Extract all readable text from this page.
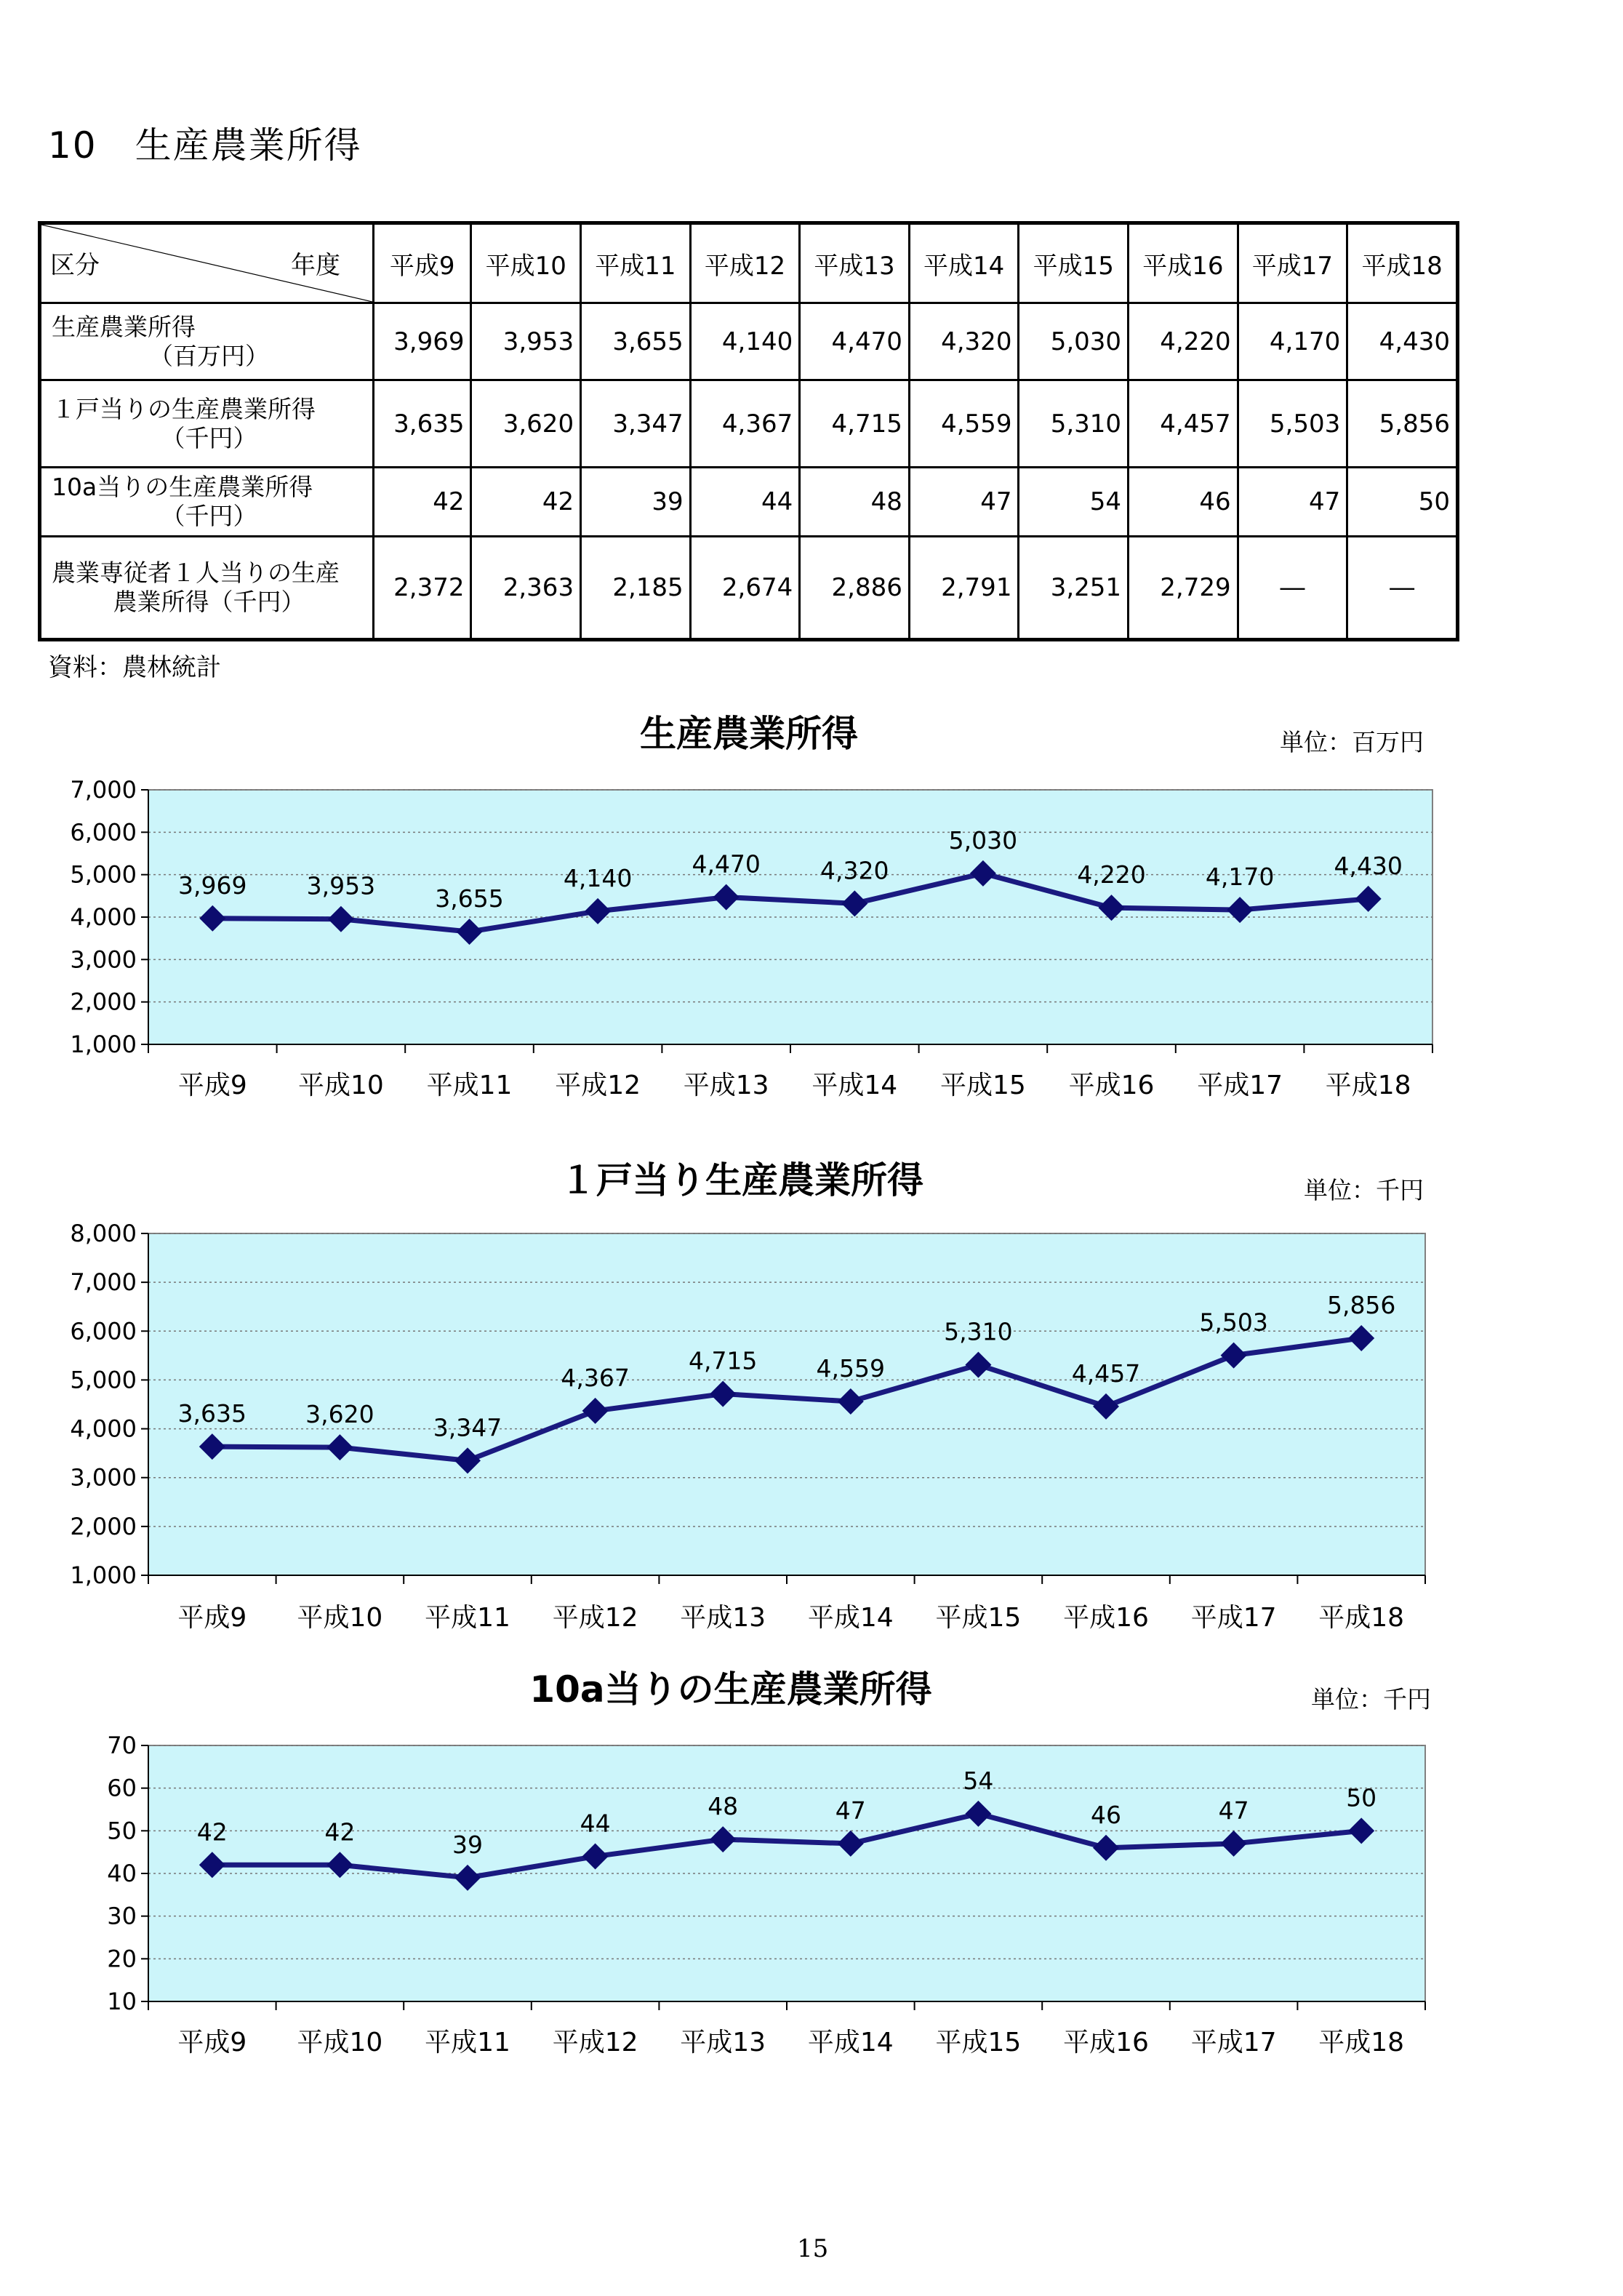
10　生産農業所得
区分 年度	平成9	平成10	平成11	平成12	平成13	平成14	平成15	平成16	平成17	平成18
生産農業所得
（百万円）	3,969	3,953	3,655	4,140	4,470	4,320	5,030	4,220	4,170	4,430
１戸当りの生産農業所得
（千円）	3,635	3,620	3,347	4,367	4,715	4,559	5,310	4,457	5,503	5,856
10a当りの生産農業所得
（千円）	42	42	39	44	48	47	54	46	47	50
農業専従者１人当りの生産
農業所得（千円）	2,372	2,363	2,185	2,674	2,886	2,791	3,251	2,729	―	―
資料：農林統計
生産農業所得	単位：百万円
1,000
2,000
3,000
4,000
5,000
6,000
7,000
平成9 平成10 平成11 平成12 平成13 平成14 平成15 平成16 平成17 平成18
3,969 3,953 3,655
4,140 4,470 4,320
5,030
4,220 4,170 4,430
１戸当り生産農業所得	単位：千円
1,000
2,000
3,000
4,000
5,000
6,000
7,000
8,000
平成9 平成10 平成11 平成12 平成13 平成14 平成15 平成16 平成17 平成18
3,635 3,620 3,347
4,367
4,715 4,559
5,310
4,457
5,503
5,856
10a当りの生産農業所得	単位：千円
10
20
30
40
50
60
70
平成9 平成10 平成11 平成12 平成13 平成14 平成15 平成16 平成17 平成18
42	42	39
44
48	47
54
46	47	50
15
